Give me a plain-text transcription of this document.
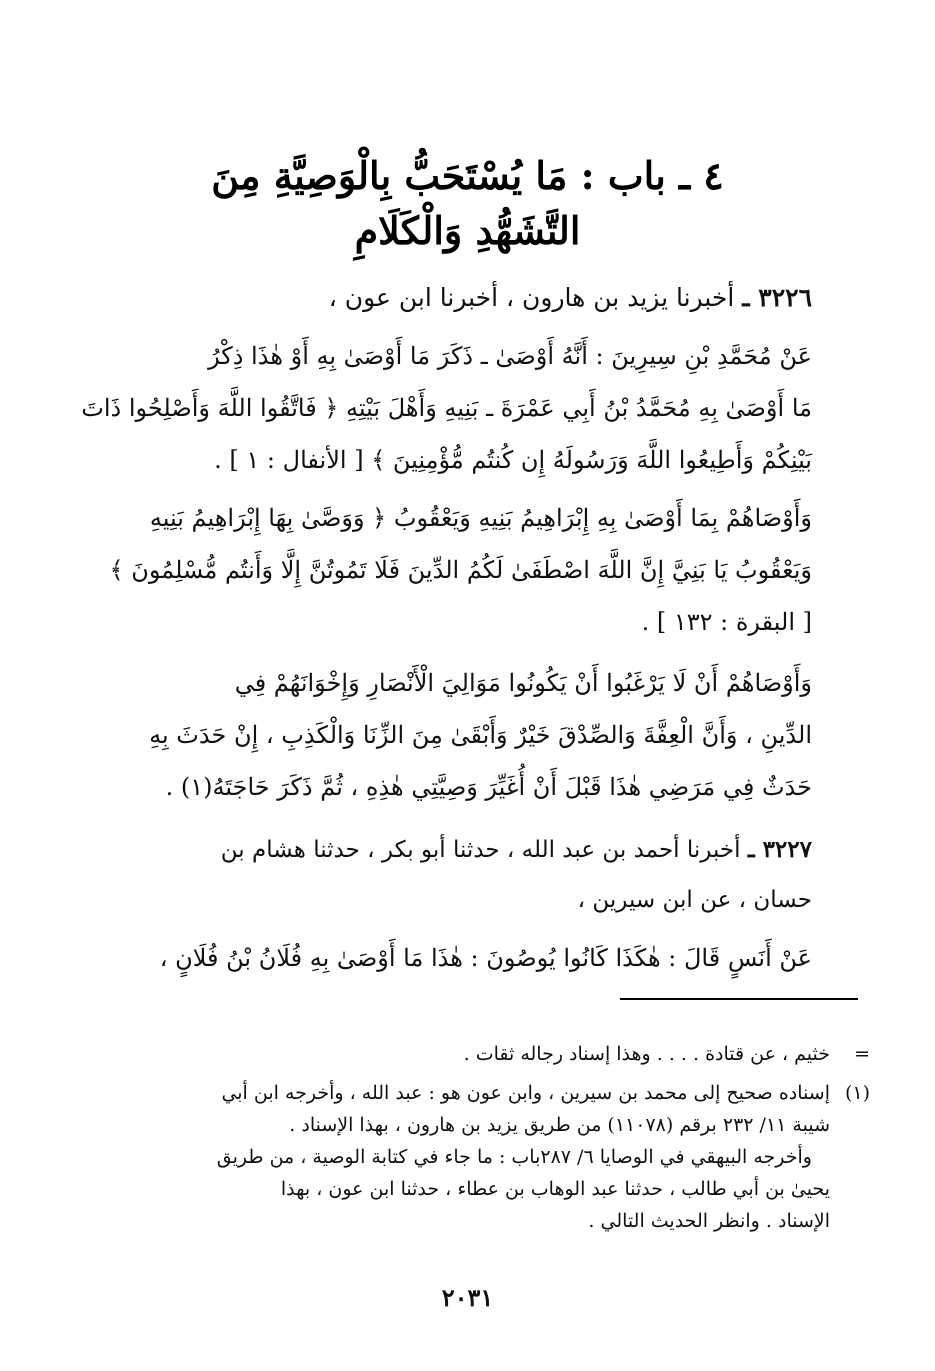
٤ ـ باب : مَا يُسْتَحَبُّ بِالْوَصِيَّةِ مِنَ
التَّشَهُّدِ وَالْكَلَامِ
٣٢٢٦ ـ أخبرنا يزيد بن هارون ، أخبرنا ابن عون ،
عَنْ مُحَمَّدِ بْنِ سِيرِينَ : أَنَّهُ أَوْصَىٰ ـ ذَكَرَ مَا أَوْصَىٰ بِهِ أَوْ هٰذَا ذِكْرُ
مَا أَوْصَىٰ بِهِ مُحَمَّدُ بْنُ أَبِي عَمْرَةَ ـ بَنِيهِ وَأَهْلَ بَيْتِهِ ﴿ فَاتَّقُوا اللَّهَ وَأَصْلِحُوا ذَاتَ
بَيْنِكُمْ وَأَطِيعُوا اللَّهَ وَرَسُولَهُ إِن كُنتُم مُّؤْمِنِينَ ﴾ [ الأنفال : ١ ] .
وَأَوْصَاهُمْ بِمَا أَوْصَىٰ بِهِ إِبْرَاهِيمُ بَنِيهِ وَيَعْقُوبُ ﴿ وَوَصَّىٰ بِهَا إِبْرَاهِيمُ بَنِيهِ
وَيَعْقُوبُ يَا بَنِيَّ إِنَّ اللَّهَ اصْطَفَىٰ لَكُمُ الدِّينَ فَلَا تَمُوتُنَّ إِلَّا وَأَنتُم مُّسْلِمُونَ ﴾
[ البقرة : ١٣٢ ] .
وَأَوْصَاهُمْ أَنْ لَا يَرْغَبُوا أَنْ يَكُونُوا مَوَالِيَ الْأَنْصَارِ وَإِخْوَانَهُمْ فِي
الدِّينِ ، وَأَنَّ الْعِفَّةَ وَالصِّدْقَ خَيْرٌ وَأَبْقَىٰ مِنَ الزِّنَا وَالْكَذِبِ ، إِنْ حَدَثَ بِهِ
حَدَثٌ فِي مَرَضِي هٰذَا قَبْلَ أَنْ أُغَيِّرَ وَصِيَّتِي هٰذِهِ ، ثُمَّ ذَكَرَ حَاجَتَهُ(١) .
٣٢٢٧ ـ أخبرنا أحمد بن عبد الله ، حدثنا أبو بكر ، حدثنا هشام بن
حسان ، عن ابن سيرين ،
عَنْ أَنَسٍ قَالَ : هٰكَذَا كَانُوا يُوصُونَ : هٰذَا مَا أَوْصَىٰ بِهِ فُلَانُ بْنُ فُلَانٍ ،
=خثيم ، عن قتادة . . . . وهذا إسناد رجاله ثقات .
(١)إسناده صحيح إلى محمد بن سيرين ، وابن عون هو : عبد الله ، وأخرجه ابن أبي
شيبة ١١/ ٢٣٢ برقم (١١٠٧٨) من طريق يزيد بن هارون ، بهذا الإسناد .
وأخرجه البيهقي في الوصايا ٦/ ٢٨٧باب : ما جاء في كتابة الوصية ، من طريق
يحيىٰ بن أبي طالب ، حدثنا عبد الوهاب بن عطاء ، حدثنا ابن عون ، بهذا
الإسناد . وانظر الحديث التالي .
٢٠٣١
